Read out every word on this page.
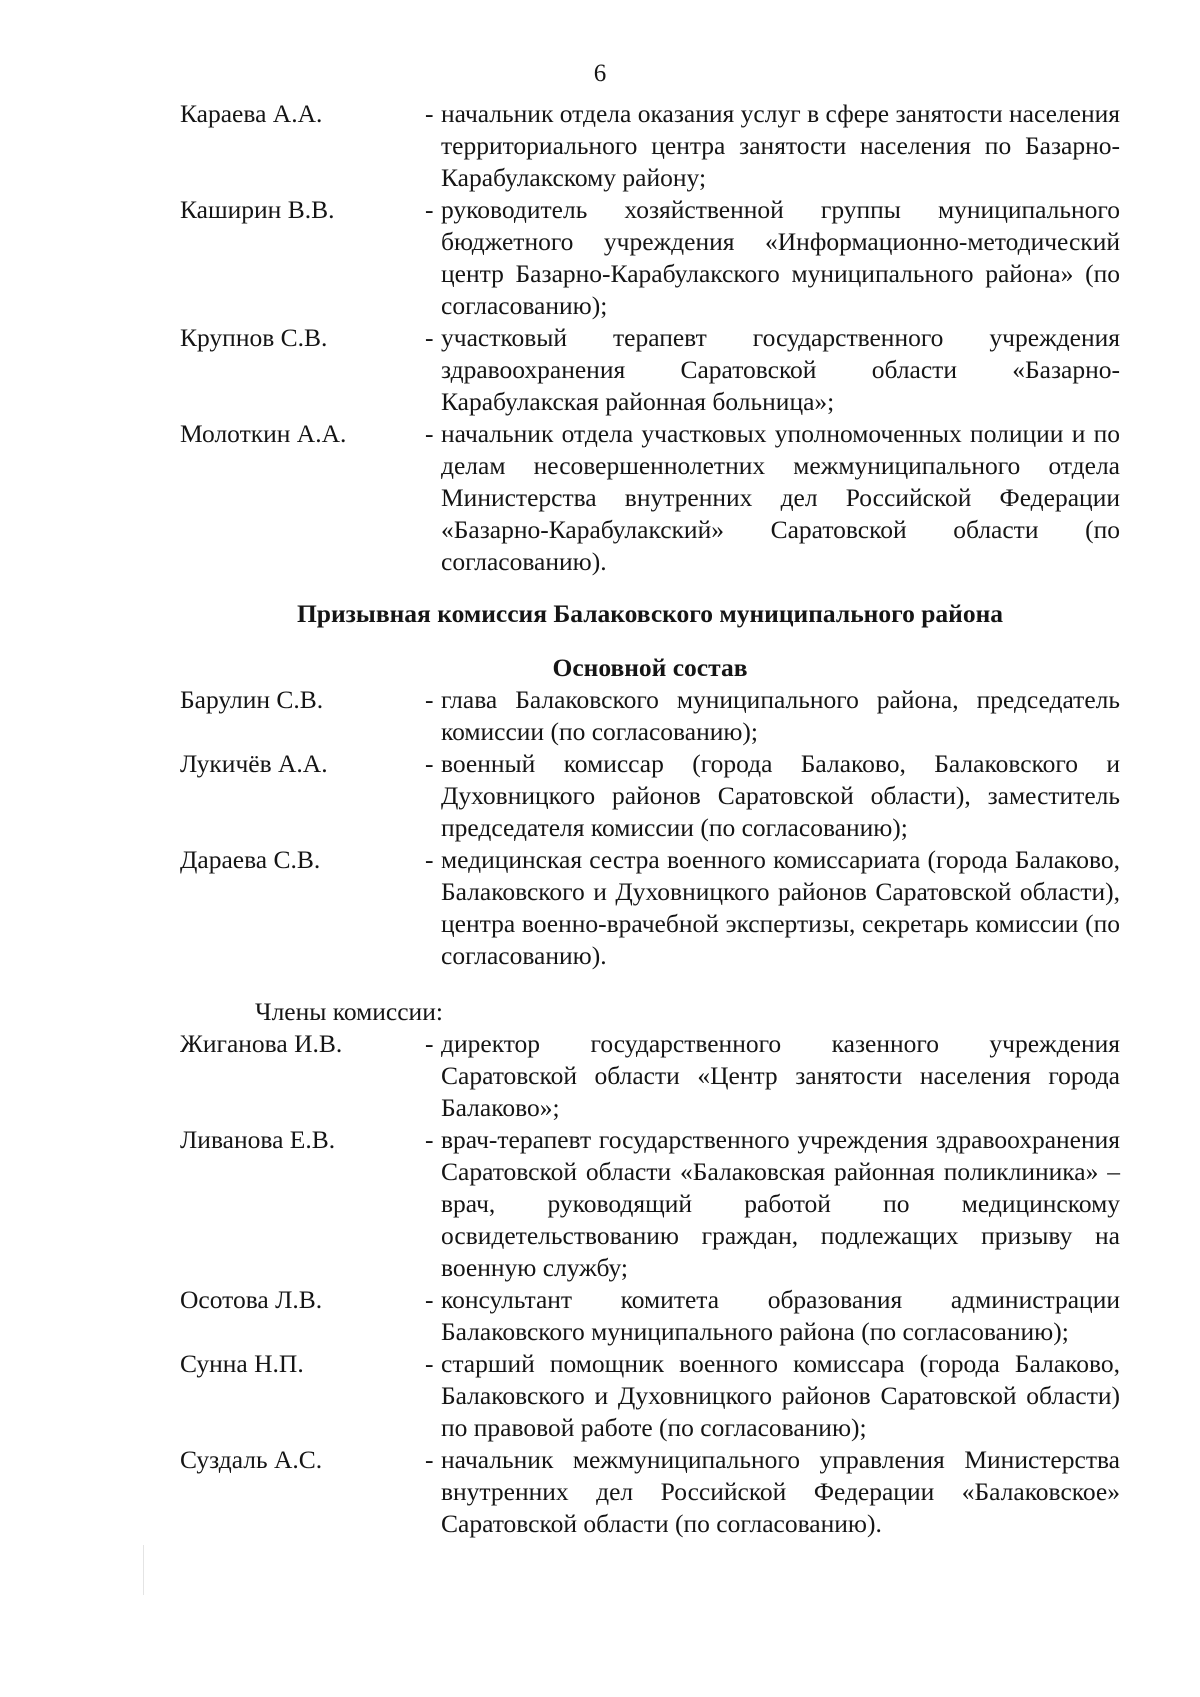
6
Караева А.А.	- начальник отдела оказания услуг в сфере занятости населения территориального центра занятости населения по Базарно-Карабулакскому району;
Каширин В.В.	- руководитель хозяйственной группы муниципального бюджетного учреждения «Информационно-методический центр Базарно-Карабулакского муниципального района» (по согласованию);
Крупнов С.В.	- участковый терапевт государственного учреждения здравоохранения Саратовской области «Базарно-Карабулакская районная больница»;
Молоткин А.А.	- начальник отдела участковых уполномоченных полиции и по делам несовершеннолетних межмуниципального отдела Министерства внутренних дел Российской Федерации «Базарно-Карабулакский» Саратовской области (по согласованию).
Призывная комиссия Балаковского муниципального района
Основной состав
Барулин С.В.	- глава Балаковского муниципального района, председатель комиссии (по согласованию);
Лукичёв А.А.	- военный комиссар (города Балаково, Балаковского и Духовницкого районов Саратовской области), заместитель председателя комиссии (по согласованию);
Дараева С.В.	- медицинская сестра военного комиссариата (города Балаково, Балаковского и Духовницкого районов Саратовской области), центра военно-врачебной экспертизы, секретарь комиссии (по согласованию).
Члены комиссии:
Жиганова И.В.	- директор государственного казенного учреждения Саратовской области «Центр занятости населения города Балаково»;
Ливанова Е.В.	- врач-терапевт государственного учреждения здравоохранения Саратовской области «Балаковская районная поликлиника» – врач, руководящий работой по медицинскому освидетельствованию граждан, подлежащих призыву на военную службу;
Осотова Л.В.	- консультант комитета образования администрации Балаковского муниципального района (по согласованию);
Сунна Н.П.	- старший помощник военного комиссара (города Балаково, Балаковского и Духовницкого районов Саратовской области) по правовой работе (по согласованию);
Суздаль А.С.	- начальник межмуниципального управления Министерства внутренних дел Российской Федерации «Балаковское» Саратовской области (по согласованию).
